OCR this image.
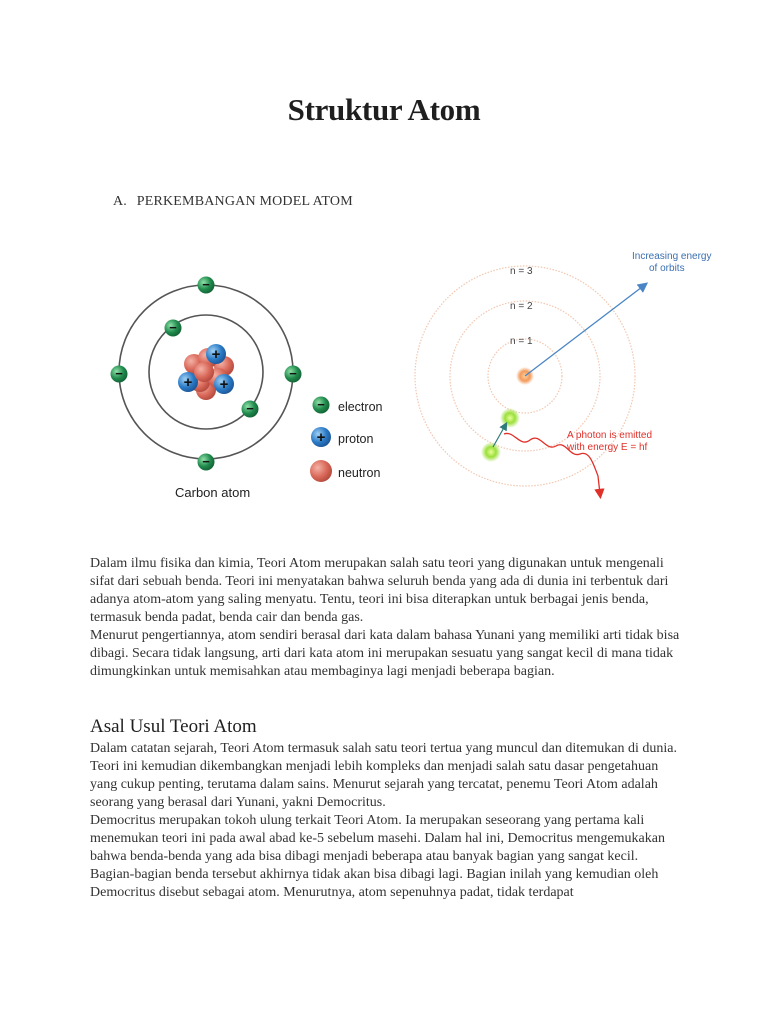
Struktur Atom
A. PERKEMBANGAN MODEL ATOM
+
+ +
−
−
−	−
−
−
Carbon atom
− electron
+ proton
neutron
n = 1
n = 2
n = 3
Increasing energy
of orbits
A photon is emitted
with energy E = hf

Dalam ilmu fisika dan kimia, Teori Atom merupakan salah satu teori yang digunakan untuk mengenali sifat dari sebuah benda. Teori ini menyatakan bahwa seluruh benda yang ada di dunia ini terbentuk dari adanya atom-atom yang saling menyatu. Tentu, teori ini bisa diterapkan untuk berbagai jenis benda, termasuk benda padat, benda cair dan benda gas.

Menurut pengertiannya, atom sendiri berasal dari kata dalam bahasa Yunani yang memiliki arti tidak bisa dibagi. Secara tidak langsung, arti dari kata atom ini merupakan sesuatu yang sangat kecil di mana tidak dimungkinkan untuk memisahkan atau membaginya lagi menjadi beberapa bagian.

Asal Usul Teori Atom

Dalam catatan sejarah, Teori Atom termasuk salah satu teori tertua yang muncul dan ditemukan di dunia. Teori ini kemudian dikembangkan menjadi lebih kompleks dan menjadi salah satu dasar pengetahuan yang cukup penting, terutama dalam sains. Menurut sejarah yang tercatat, penemu Teori Atom adalah seorang yang berasal dari Yunani, yakni Democritus.

Democritus merupakan tokoh ulung terkait Teori Atom. Ia merupakan seseorang yang pertama kali menemukan teori ini pada awal abad ke-5 sebelum masehi. Dalam hal ini, Democritus mengemukakan bahwa benda-benda yang ada bisa dibagi menjadi beberapa atau banyak bagian yang sangat kecil.

Bagian-bagian benda tersebut akhirnya tidak akan bisa dibagi lagi. Bagian inilah yang kemudian oleh Democritus disebut sebagai atom. Menurutnya, atom sepenuhnya padat, tidak terdapat
